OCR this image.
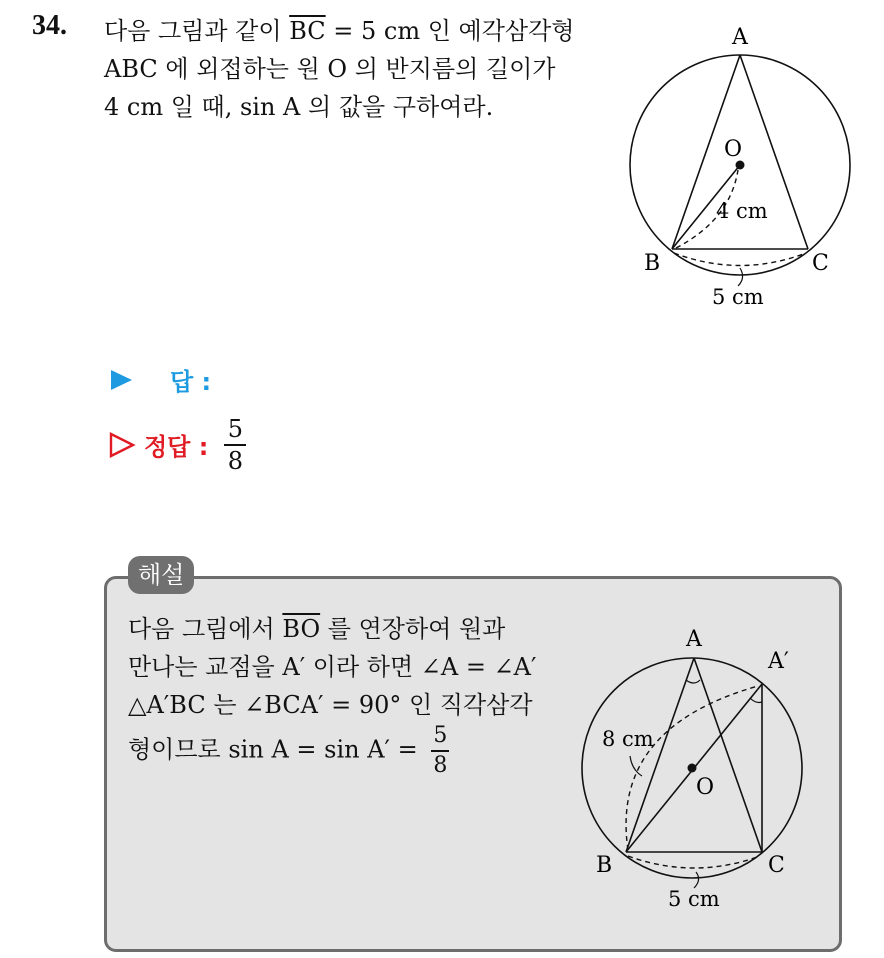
34. 다음 그림과 같이 $\overline{BC} = 5$ cm 인 예각삼각형
ABC 에 외접하는 원 O 의 반지름의 길이가
4 cm 일 때, sin A 의 값을 구하여라.
A
O
B	C
4 cm
5 cm
답 :
정답 : $\frac{5}{8}$
해설
다음 그림에서 $\overline{BO}$ 를 연장하여 원과
만나는 교점을 A′ 이라 하면 ∠A = ∠A′
△A′BC 는 ∠BCA′ = 90° 인 직각삼각
형이므로 $\sin A = \sin A' = \frac{5}{8}$
A
A′
O
B	C
8 cm
5 cm
